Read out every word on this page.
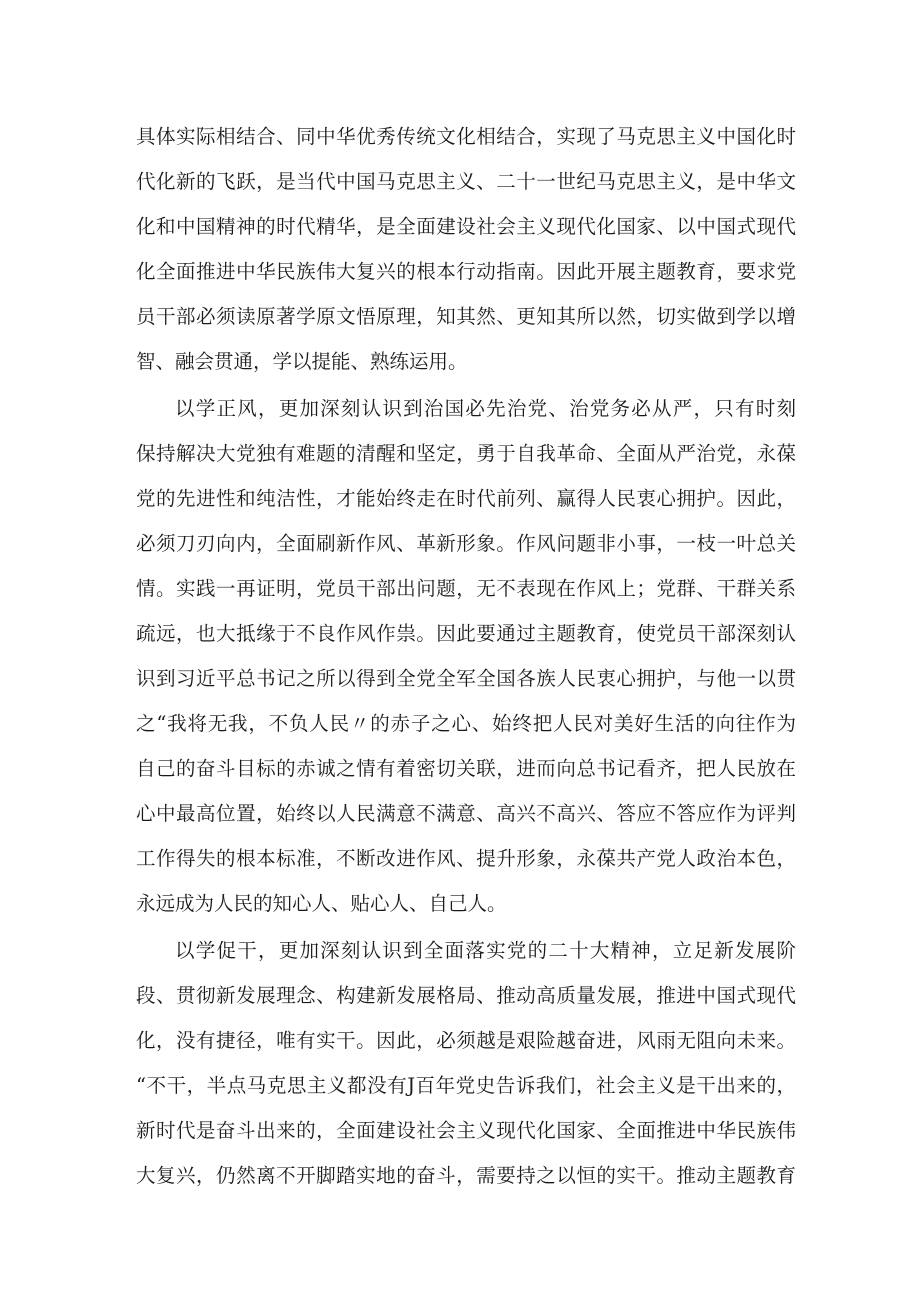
具体实际相结合、同中华优秀传统文化相结合，实现了马克思主义中国化时
代化新的飞跃，是当代中国马克思主义、二十一世纪马克思主义，是中华文
化和中国精神的时代精华，是全面建设社会主义现代化国家、以中国式现代
化全面推进中华民族伟大复兴的根本行动指南。因此开展主题教育，要求党
员干部必须读原著学原文悟原理，知其然、更知其所以然，切实做到学以增
智、融会贯通，学以提能、熟练运用。
以学正风，更加深刻认识到治国必先治党、治党务必从严，只有时刻
保持解决大党独有难题的清醒和坚定，勇于自我革命、全面从严治党，永葆
党的先进性和纯洁性，才能始终走在时代前列、赢得人民衷心拥护。因此，
必须刀刃向内，全面刷新作风、革新形象。作风问题非小事，一枝一叶总关
情。实践一再证明，党员干部出问题，无不表现在作风上；党群、干群关系
疏远，也大抵缘于不良作风作祟。因此要通过主题教育，使党员干部深刻认
识到习近平总书记之所以得到全党全军全国各族人民衷心拥护，与他一以贯
之“我将无我，不负人民〃的赤子之心、始终把人民对美好生活的向往作为
自己的奋斗目标的赤诚之情有着密切关联，进而向总书记看齐，把人民放在
心中最高位置，始终以人民满意不满意、高兴不高兴、答应不答应作为评判
工作得失的根本标准，不断改进作风、提升形象，永葆共产党人政治本色，
永远成为人民的知心人、贴心人、自己人。
以学促干，更加深刻认识到全面落实党的二十大精神，立足新发展阶
段、贯彻新发展理念、构建新发展格局、推动高质量发展，推进中国式现代
化，没有捷径，唯有实干。因此，必须越是艰险越奋进，风雨无阻向未来。
“不干，半点马克思主义都没有J百年党史告诉我们，社会主义是干出来的，
新时代是奋斗出来的，全面建设社会主义现代化国家、全面推进中华民族伟
大复兴，仍然离不开脚踏实地的奋斗，需要持之以恒的实干。推动主题教育
